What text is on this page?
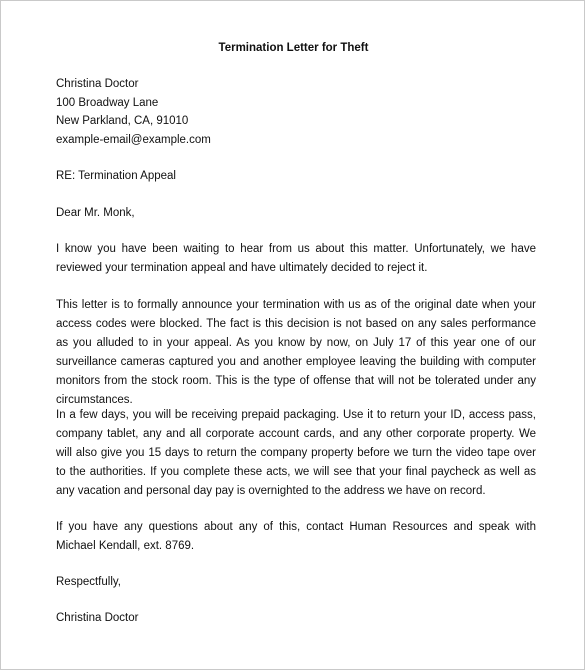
Termination Letter for Theft
Christina Doctor
100 Broadway Lane
New Parkland, CA, 91010
example-email@example.com
RE: Termination Appeal
Dear Mr. Monk,
I know you have been waiting to hear from us about this matter. Unfortunately, we have reviewed your termination appeal and have ultimately decided to reject it.
This letter is to formally announce your termination with us as of the original date when your access codes were blocked. The fact is this decision is not based on any sales performance as you alluded to in your appeal. As you know by now, on July 17 of this year one of our surveillance cameras captured you and another employee leaving the building with computer monitors from the stock room. This is the type of offense that will not be tolerated under any circumstances.
In a few days, you will be receiving prepaid packaging. Use it to return your ID, access pass, company tablet, any and all corporate account cards, and any other corporate property. We will also give you 15 days to return the company property before we turn the video tape over to the authorities. If you complete these acts, we will see that your final paycheck as well as any vacation and personal day pay is overnighted to the address we have on record.
If you have any questions about any of this, contact Human Resources and speak with Michael Kendall, ext. 8769.
Respectfully,
Christina Doctor
